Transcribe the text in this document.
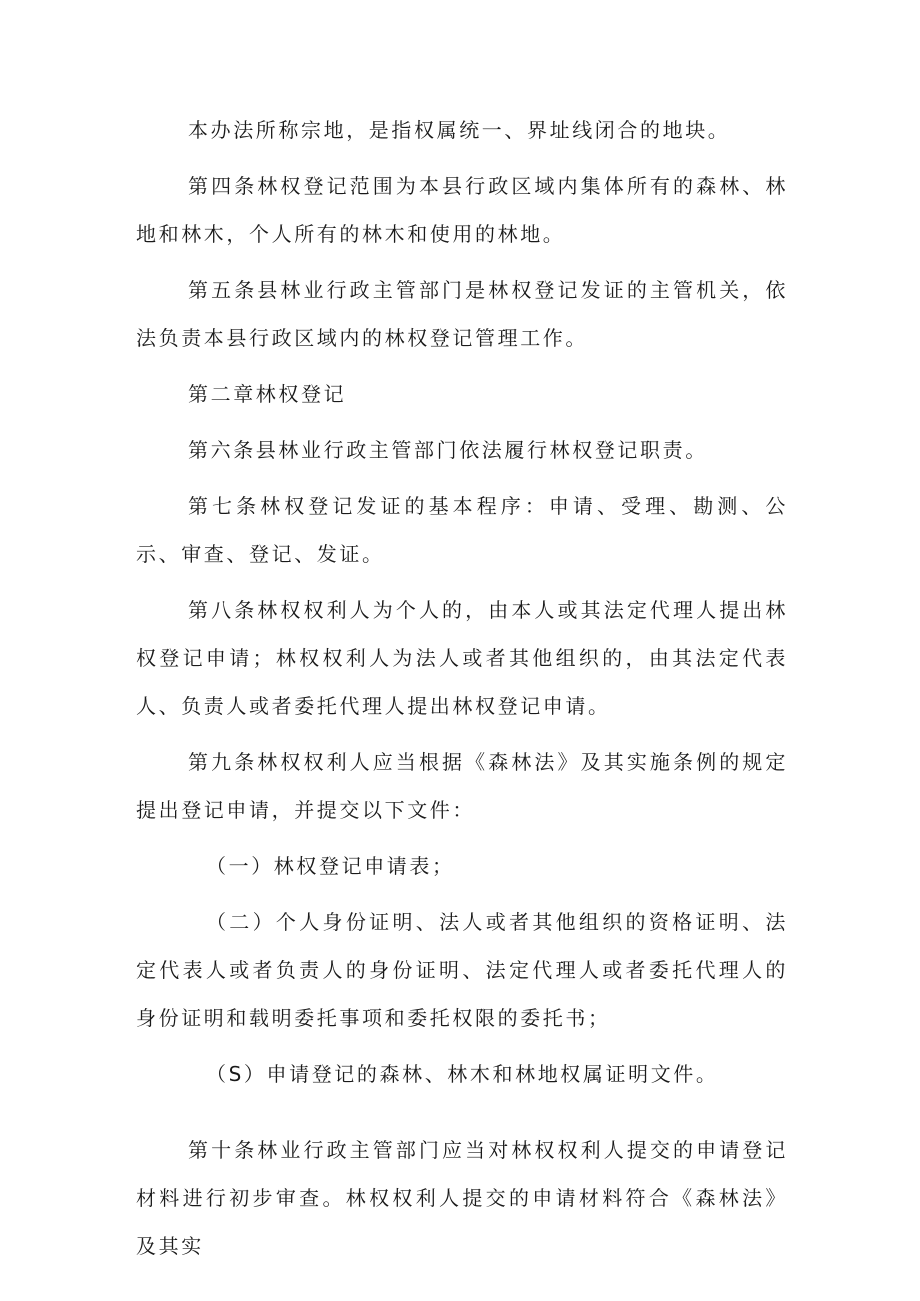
本办法所称宗地，是指权属统一、界址线闭合的地块。

第四条林权登记范围为本县行政区域内集体所有的森林、林地和林木，个人所有的林木和使用的林地。

第五条县林业行政主管部门是林权登记发证的主管机关，依法负责本县行政区域内的林权登记管理工作。

第二章林权登记

第六条县林业行政主管部门依法履行林权登记职责。

第七条林权登记发证的基本程序：申请、受理、勘测、公示、审查、登记、发证。

第八条林权权利人为个人的，由本人或其法定代理人提出林权登记申请；林权权利人为法人或者其他组织的，由其法定代表人、负责人或者委托代理人提出林权登记申请。

第九条林权权利人应当根据《森林法》及其实施条例的规定提出登记申请，并提交以下文件：

（一）林权登记申请表；

（二）个人身份证明、法人或者其他组织的资格证明、法定代表人或者负责人的身份证明、法定代理人或者委托代理人的身份证明和载明委托事项和委托权限的委托书；

（S）申请登记的森林、林木和林地权属证明文件。

第十条林业行政主管部门应当对林权权利人提交的申请登记材料进行初步审查。林权权利人提交的申请材料符合《森林法》及其实
